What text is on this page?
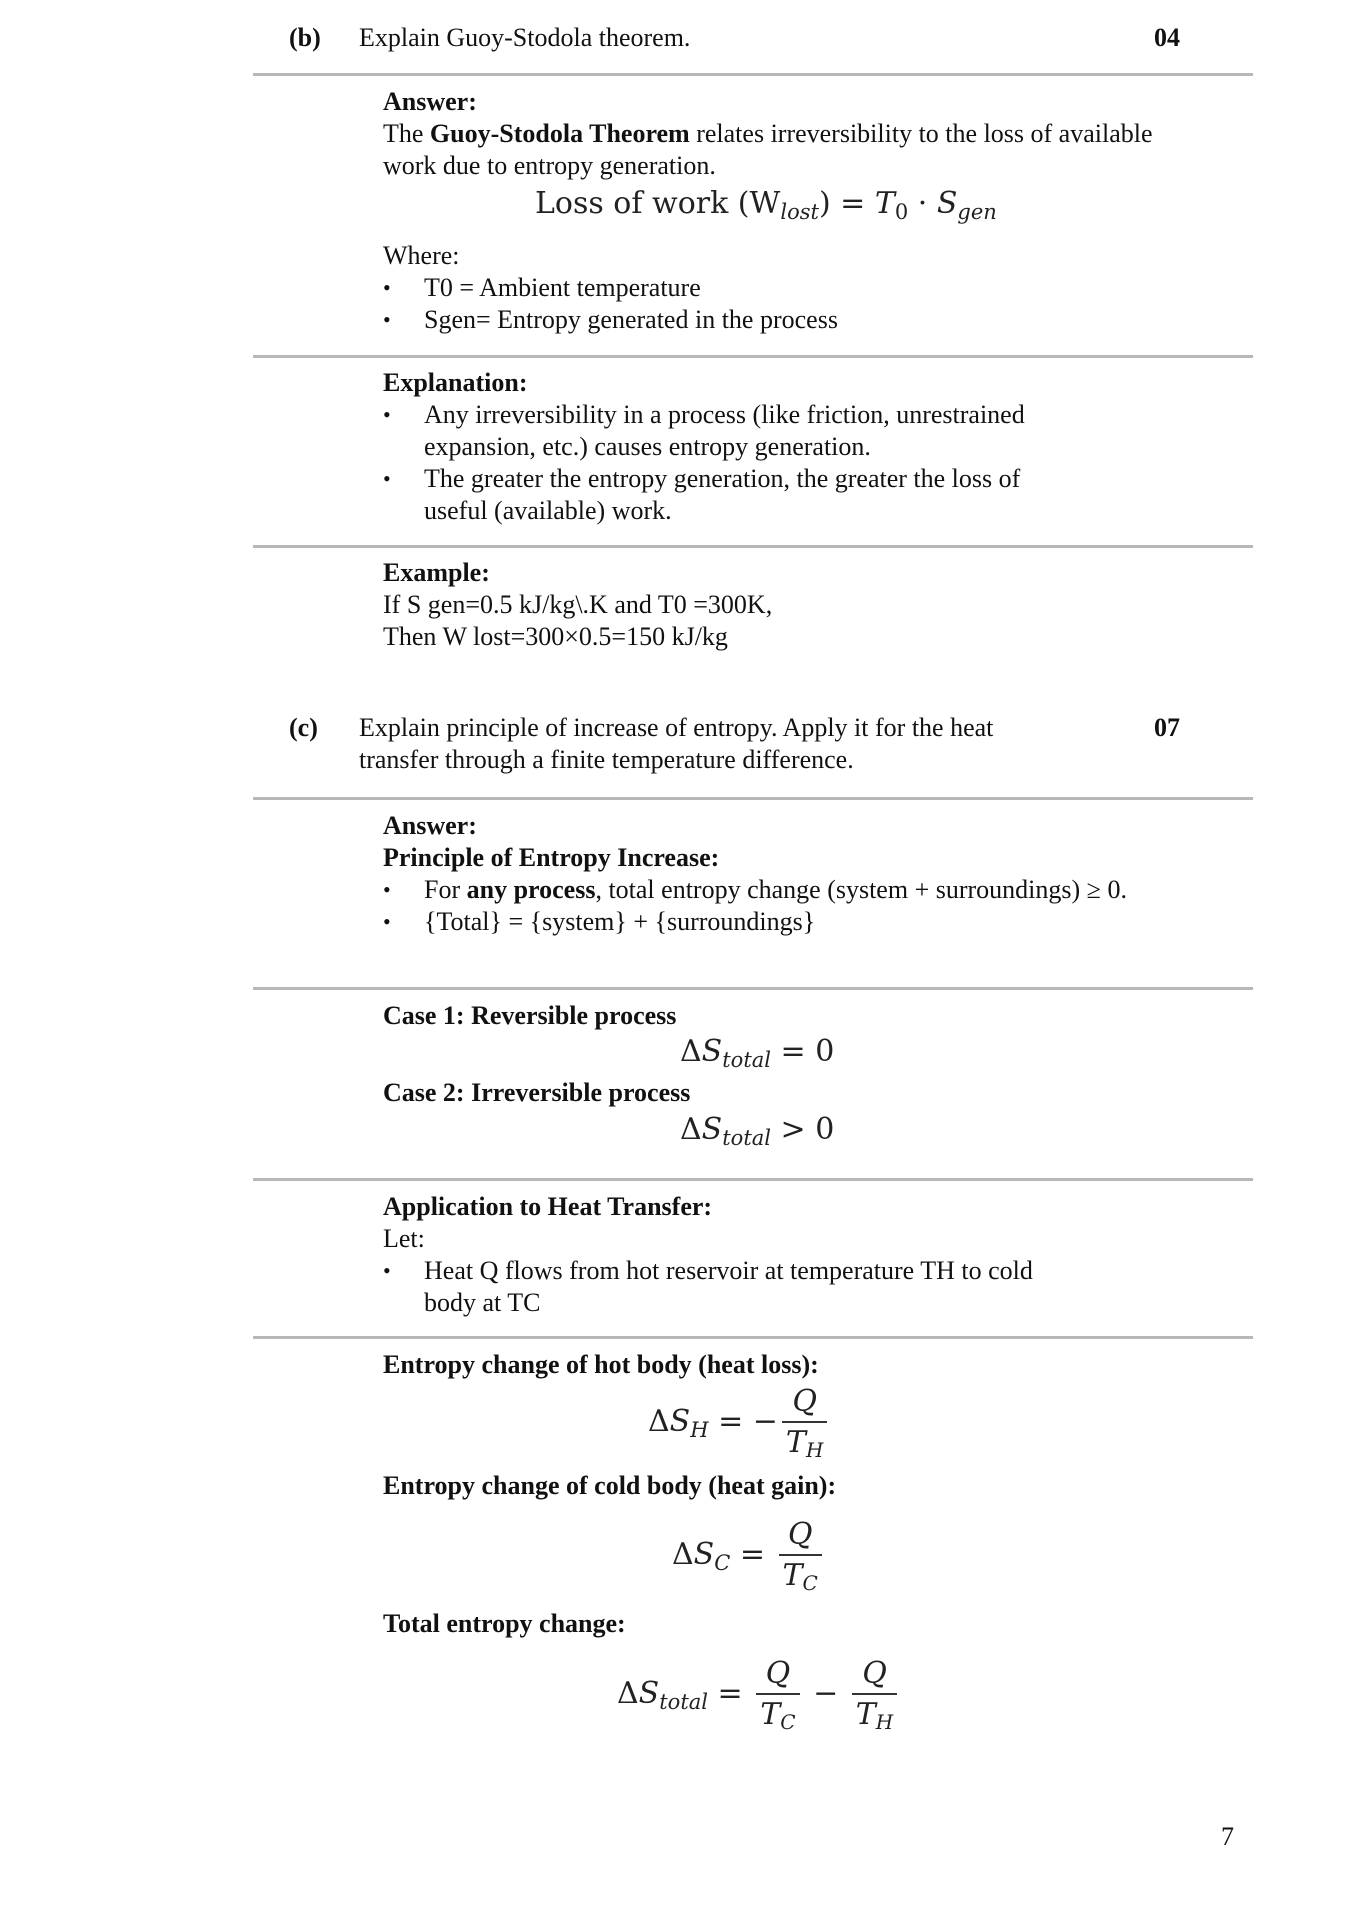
(b) Explain Guoy-Stodola theorem.	04

Answer:

The Guoy-Stodola Theorem relates irreversibility to the loss of available work due to entropy generation.

Loss of work $(W_{lost}) = T_0 \cdot S_{gen}$

Where:

• T0 = Ambient temperature
• Sgen= Entropy generated in the process

Explanation:

• Any irreversibility in a process (like friction, unrestrained expansion, etc.) causes entropy generation.
• The greater the entropy generation, the greater the loss of useful (available) work.

Example:

If S gen=0.5 kJ/kg\.K and T0 =300K,

Then W lost=300×0.5=150 kJ/kg

(c) Explain principle of increase of entropy. Apply it for the heat transfer through a finite temperature difference.
07

Answer:

Principle of Entropy Increase:

• For any process, total entropy change (system + surroundings) ≥ 0.
• {Total} = {system} + {surroundings}

Case 1: Reversible process

$\Delta S_{total} = 0$

Case 2: Irreversible process

$\Delta S_{total} > 0$

Application to Heat Transfer:

Let:

• Heat Q flows from hot reservoir at temperature TH to cold body at TC

Entropy change of hot body (heat loss):

$\Delta S_H$ = − $\frac{Q}{T_H}$

Entropy change of cold body (heat gain):

$\Delta S_C = \frac{Q}{T_C}$

Total entropy change:

$\Delta S_{total} = \frac{Q}{T_C} - \frac{Q}{T_H}$
7
